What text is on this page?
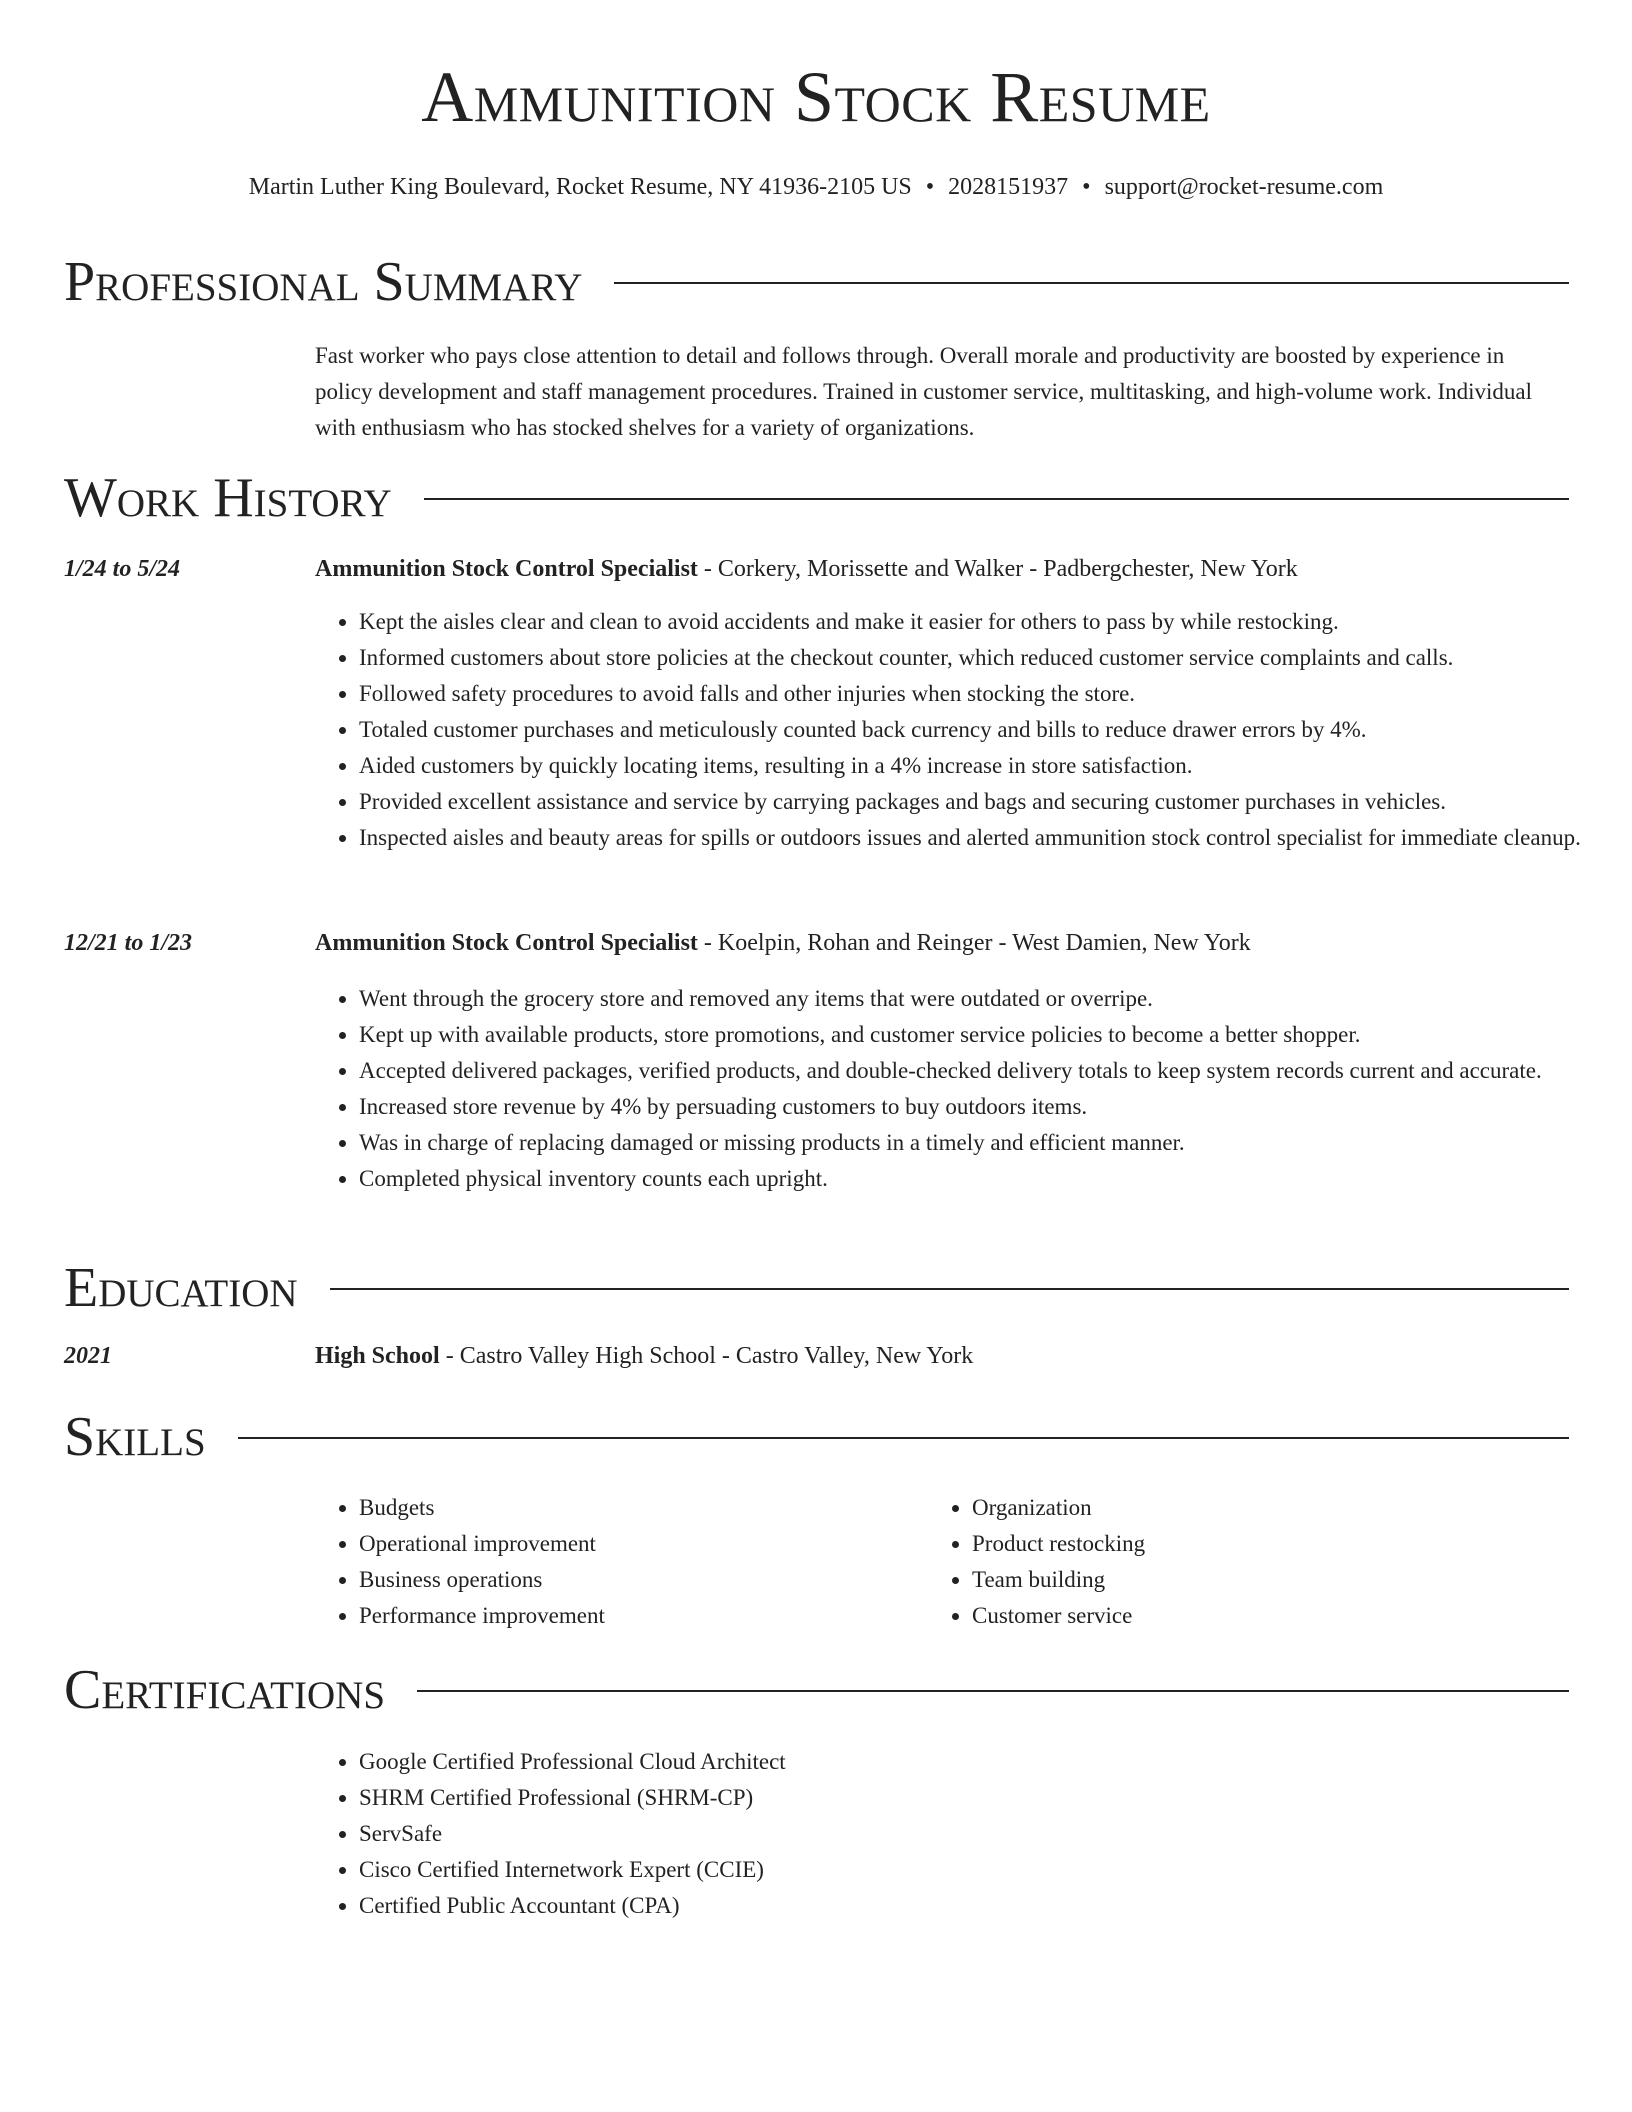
Ammunition Stock Resume
Martin Luther King Boulevard, Rocket Resume, NY 41936-2105 US • 2028151937 • support@rocket-resume.com
Professional Summary
Fast worker who pays close attention to detail and follows through. Overall morale and productivity are boosted by experience in policy development and staff management procedures. Trained in customer service, multitasking, and high-volume work. Individual with enthusiasm who has stocked shelves for a variety of organizations.
Work History
1/24 to 5/24	Ammunition Stock Control Specialist - Corkery, Morissette and Walker - Padbergchester, New York
• Kept the aisles clear and clean to avoid accidents and make it easier for others to pass by while restocking.
• Informed customers about store policies at the checkout counter, which reduced customer service complaints and calls.
• Followed safety procedures to avoid falls and other injuries when stocking the store.
• Totaled customer purchases and meticulously counted back currency and bills to reduce drawer errors by 4%.
• Aided customers by quickly locating items, resulting in a 4% increase in store satisfaction.
• Provided excellent assistance and service by carrying packages and bags and securing customer purchases in vehicles.
• Inspected aisles and beauty areas for spills or outdoors issues and alerted ammunition stock control specialist for immediate cleanup.
12/21 to 1/23	Ammunition Stock Control Specialist - Koelpin, Rohan and Reinger - West Damien, New York
• Went through the grocery store and removed any items that were outdated or overripe.
• Kept up with available products, store promotions, and customer service policies to become a better shopper.
• Accepted delivered packages, verified products, and double-checked delivery totals to keep system records current and accurate.
• Increased store revenue by 4% by persuading customers to buy outdoors items.
• Was in charge of replacing damaged or missing products in a timely and efficient manner.
• Completed physical inventory counts each upright.
Education
2021	High School - Castro Valley High School - Castro Valley, New York
Skills
• Budgets
• Operational improvement
• Business operations
• Performance improvement
• Organization
• Product restocking
• Team building
• Customer service
Certifications
• Google Certified Professional Cloud Architect
• SHRM Certified Professional (SHRM-CP)
• ServSafe
• Cisco Certified Internetwork Expert (CCIE)
• Certified Public Accountant (CPA)
